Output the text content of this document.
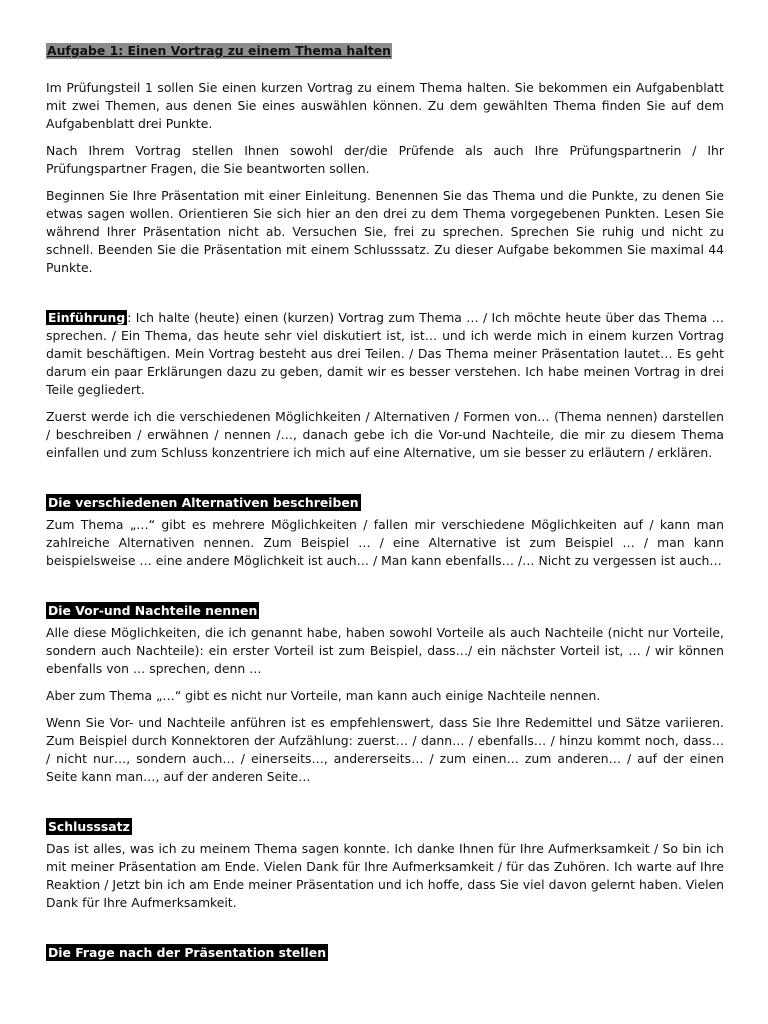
Aufgabe 1: Einen Vortrag zu einem Thema halten

Im Prüfungsteil 1 sollen Sie einen kurzen Vortrag zu einem Thema halten. Sie bekommen ein Aufgabenblatt mit zwei Themen, aus denen Sie eines auswählen können. Zu dem gewählten Thema finden Sie auf dem Aufgabenblatt drei Punkte.

Nach Ihrem Vortrag stellen Ihnen sowohl der/die Prüfende als auch Ihre Prüfungspartnerin / Ihr Prüfungspartner Fragen, die Sie beantworten sollen.

Beginnen Sie Ihre Präsentation mit einer Einleitung. Benennen Sie das Thema und die Punkte, zu denen Sie etwas sagen wollen. Orientieren Sie sich hier an den drei zu dem Thema vorgegebenen Punkten. Lesen Sie während Ihrer Präsentation nicht ab. Versuchen Sie, frei zu sprechen. Sprechen Sie ruhig und nicht zu schnell. Beenden Sie die Präsentation mit einem Schlusssatz. Zu dieser Aufgabe bekommen Sie maximal 44 Punkte.

Einführung : Ich halte (heute) einen (kurzen) Vortrag zum Thema … / Ich möchte heute über das Thema … sprechen. / Ein Thema, das heute sehr viel diskutiert ist, ist… und ich werde mich in einem kurzen Vortrag damit beschäftigen. Mein Vortrag besteht aus drei Teilen. / Das Thema meiner Präsentation lautet… Es geht darum ein paar Erklärungen dazu zu geben, damit wir es besser verstehen. Ich habe meinen Vortrag in drei Teile gegliedert.

Zuerst werde ich die verschiedenen Möglichkeiten / Alternativen / Formen von… (Thema nennen) darstellen / beschreiben / erwähnen / nennen /…, danach gebe ich die Vor-und Nachteile, die mir zu diesem Thema einfallen und zum Schluss konzentriere ich mich auf eine Alternative, um sie besser zu erläutern / erklären.

Die verschiedenen Alternativen beschreiben

Zum Thema „…“ gibt es mehrere Möglichkeiten / fallen mir verschiedene Möglichkeiten auf / kann man zahlreiche Alternativen nennen. Zum Beispiel … / eine Alternative ist zum Beispiel … / man kann beispielsweise … eine andere Möglichkeit ist auch… / Man kann ebenfalls… /… Nicht zu vergessen ist auch…

Die Vor-und Nachteile nennen

Alle diese Möglichkeiten, die ich genannt habe, haben sowohl Vorteile als auch Nachteile (nicht nur Vorteile, sondern auch Nachteile): ein erster Vorteil ist zum Beispiel, dass…/ ein nächster Vorteil ist, … / wir können ebenfalls von … sprechen, denn …

Aber zum Thema „…“ gibt es nicht nur Vorteile, man kann auch einige Nachteile nennen.

Wenn Sie Vor- und Nachteile anführen ist es empfehlenswert, dass Sie Ihre Redemittel und Sätze variieren. Zum Beispiel durch Konnektoren der Aufzählung: zuerst… / dann… / ebenfalls… / hinzu kommt noch, dass… / nicht nur…, sondern auch… / einerseits…, andererseits… / zum einen… zum anderen… / auf der einen Seite kann man…, auf der anderen Seite…

Schlusssatz

Das ist alles, was ich zu meinem Thema sagen konnte. Ich danke Ihnen für Ihre Aufmerksamkeit / So bin ich mit meiner Präsentation am Ende. Vielen Dank für Ihre Aufmerksamkeit / für das Zuhören. Ich warte auf Ihre Reaktion / Jetzt bin ich am Ende meiner Präsentation und ich hoffe, dass Sie viel davon gelernt haben. Vielen Dank für Ihre Aufmerksamkeit.

Die Frage nach der Präsentation stellen
